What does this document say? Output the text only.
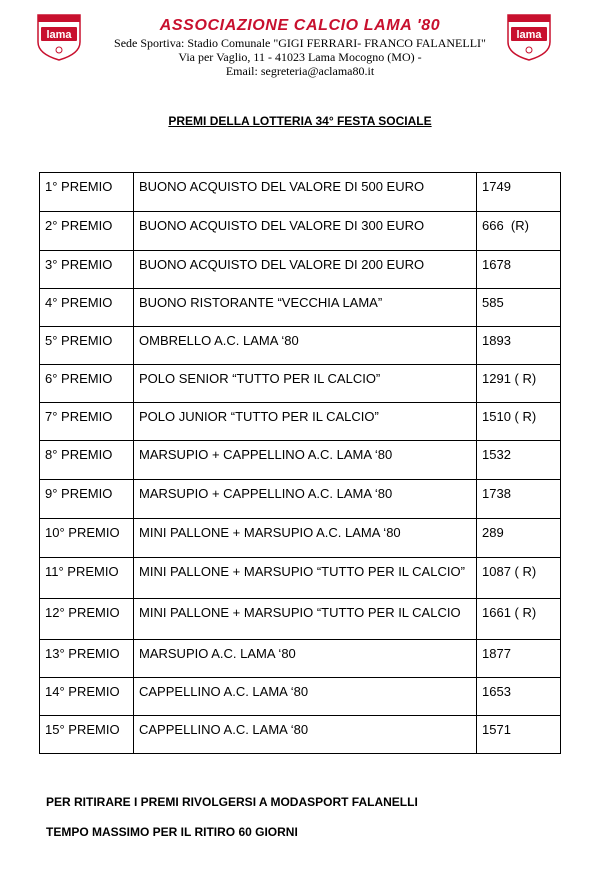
lama	lama
ASSOCIAZIONE CALCIO LAMA '80
Sede Sportiva: Stadio Comunale "GIGI FERRARI- FRANCO FALANELLI"
Via per Vaglio, 11 - 41023 Lama Mocogno (MO) -
Email: segreteria@aclama80.it
PREMI DELLA LOTTERIA 34° FESTA SOCIALE
1° PREMIO	BUONO ACQUISTO DEL VALORE DI 500 EURO	1749
2° PREMIO	BUONO ACQUISTO DEL VALORE DI 300 EURO	666  (R)
3° PREMIO	BUONO ACQUISTO DEL VALORE DI 200 EURO	1678
4° PREMIO	BUONO RISTORANTE “VECCHIA LAMA”	585
5° PREMIO	OMBRELLO A.C. LAMA ‘80	1893
6° PREMIO	POLO SENIOR “TUTTO PER IL CALCIO”	1291 ( R)
7° PREMIO	POLO JUNIOR “TUTTO PER IL CALCIO”	1510 ( R)
8° PREMIO	MARSUPIO + CAPPELLINO A.C. LAMA ‘80	1532
9° PREMIO	MARSUPIO + CAPPELLINO A.C. LAMA ‘80	1738
10° PREMIO	MINI PALLONE + MARSUPIO A.C. LAMA ‘80	289
11° PREMIO	MINI PALLONE + MARSUPIO “TUTTO PER IL CALCIO”	1087 ( R)
12° PREMIO	MINI PALLONE + MARSUPIO “TUTTO PER IL CALCIO	1661 ( R)
13° PREMIO	MARSUPIO A.C. LAMA ‘80	1877
14° PREMIO	CAPPELLINO A.C. LAMA ‘80	1653
15° PREMIO	CAPPELLINO A.C. LAMA ‘80	1571
PER RITIRARE I PREMI RIVOLGERSI A MODASPORT FALANELLI
TEMPO MASSIMO PER IL RITIRO 60 GIORNI
